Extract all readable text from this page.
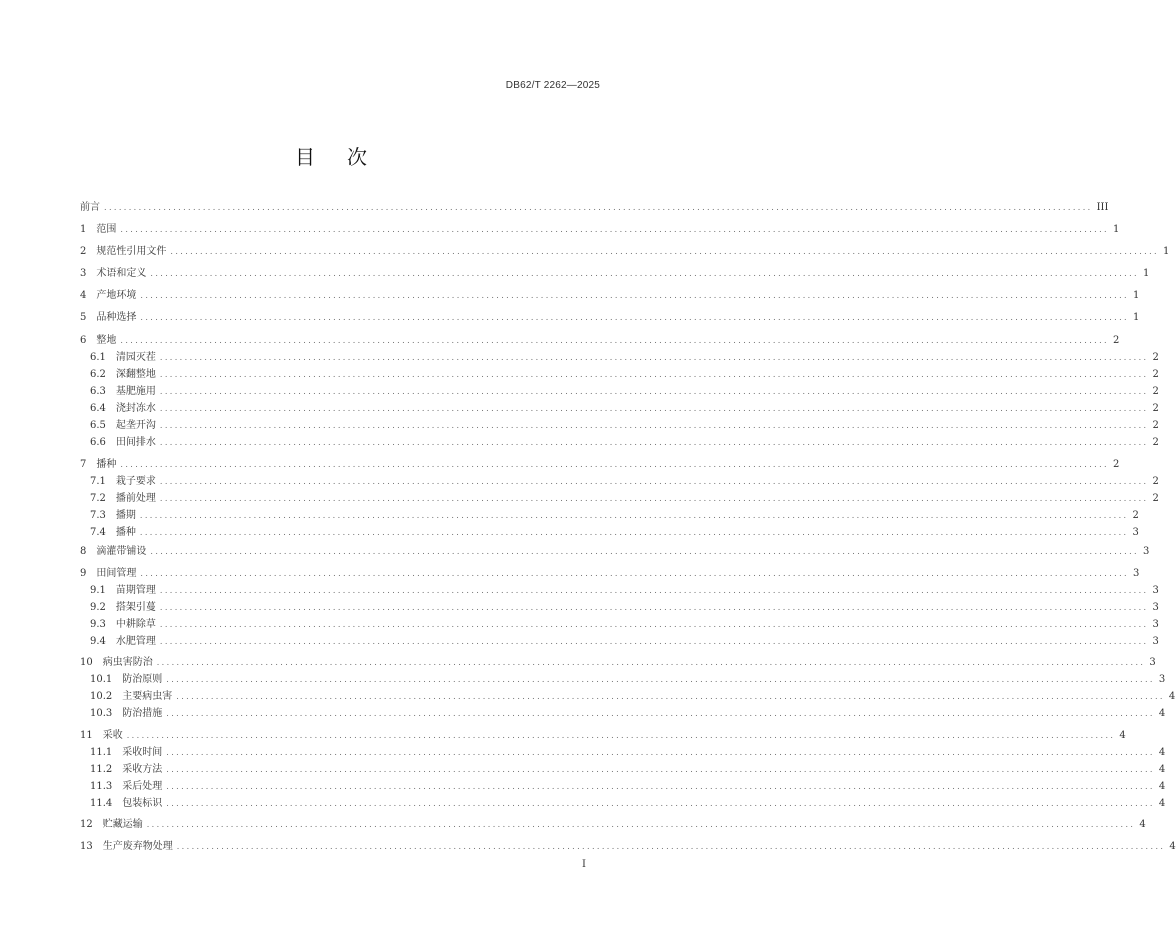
DB62/T 2262—2025
目 次
前言 ........................................................................................................................................................................................................ III
1 范围 ........................................................................................................................................................................................................ 1
2 规范性引用文件 ........................................................................................................................................................................................................ 1
3 术语和定义 ........................................................................................................................................................................................................ 1
4 产地环境 ........................................................................................................................................................................................................ 1
5 品种选择 ........................................................................................................................................................................................................ 1
6 整地 ........................................................................................................................................................................................................ 2
6.1 清园灭茬 ........................................................................................................................................................................................................ 2
6.2 深翻整地 ........................................................................................................................................................................................................ 2
6.3 基肥施用 ........................................................................................................................................................................................................ 2
6.4 浇封冻水 ........................................................................................................................................................................................................ 2
6.5 起垄开沟 ........................................................................................................................................................................................................ 2
6.6 田间排水 ........................................................................................................................................................................................................ 2
7 播种 ........................................................................................................................................................................................................ 2
7.1 栽子要求 ........................................................................................................................................................................................................ 2
7.2 播前处理 ........................................................................................................................................................................................................ 2
7.3 播期 ........................................................................................................................................................................................................ 2
7.4 播种 ........................................................................................................................................................................................................ 3
8 滴灌带铺设 ........................................................................................................................................................................................................ 3
9 田间管理 ........................................................................................................................................................................................................ 3
9.1 苗期管理 ........................................................................................................................................................................................................ 3
9.2 搭架引蔓 ........................................................................................................................................................................................................ 3
9.3 中耕除草 ........................................................................................................................................................................................................ 3
9.4 水肥管理 ........................................................................................................................................................................................................ 3
10 病虫害防治 ........................................................................................................................................................................................................ 3
10.1 防治原则 ........................................................................................................................................................................................................ 3
10.2 主要病虫害 ........................................................................................................................................................................................................ 4
10.3 防治措施 ........................................................................................................................................................................................................ 4
11 采收 ........................................................................................................................................................................................................ 4
11.1 采收时间 ........................................................................................................................................................................................................ 4
11.2 采收方法 ........................................................................................................................................................................................................ 4
11.3 采后处理 ........................................................................................................................................................................................................ 4
11.4 包装标识 ........................................................................................................................................................................................................ 4
12 贮藏运输 ........................................................................................................................................................................................................ 4
13 生产废弃物处理 ........................................................................................................................................................................................................ 4
I
